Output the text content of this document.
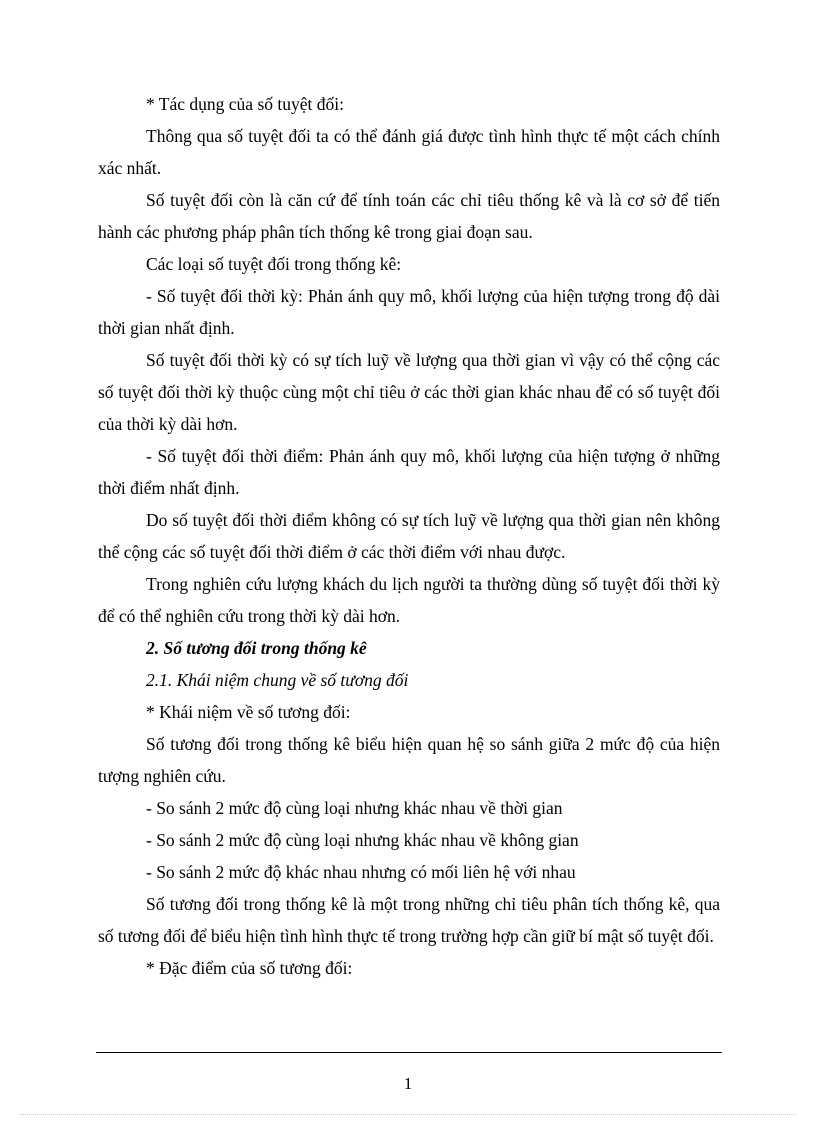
* Tác dụng của số tuyệt đối:

Thông qua số tuyệt đối ta có thể đánh giá được tình hình thực tế một cách chính xác nhất.

Số tuyệt đối còn là căn cứ để tính toán các chỉ tiêu thống kê và là cơ sở để tiến hành các phương pháp phân tích thống kê trong giai đoạn sau.

Các loại số tuyệt đối trong thống kê:

- Số tuyệt đối thời kỳ: Phản ánh quy mô, khối lượng của hiện tượng trong độ dài thời gian nhất định.

Số tuyệt đối thời kỳ có sự tích luỹ về lượng qua thời gian vì vậy có thể cộng các số tuyệt đối thời kỳ thuộc cùng một chỉ tiêu ở các thời gian khác nhau để có số tuyệt đối của thời kỳ dài hơn.

- Số tuyệt đối thời điểm: Phản ánh quy mô, khối lượng của hiện tượng ở những thời điểm nhất định.

Do số tuyệt đối thời điểm không có sự tích luỹ về lượng qua thời gian nên không thể cộng các số tuyệt đối thời điểm ở các thời điểm với nhau được.

Trong nghiên cứu lượng khách du lịch người ta thường dùng số tuyệt đối thời kỳ để có thể nghiên cứu trong thời kỳ dài hơn.

2. Số tương đối trong thống kê

2.1. Khái niệm chung về số tương đối

* Khái niệm về số tương đối:

Số tương đối trong thống kê biểu hiện quan hệ so sánh giữa 2 mức độ của hiện tượng nghiên cứu.

- So sánh 2 mức độ cùng loại nhưng khác nhau về thời gian

- So sánh 2 mức độ cùng loại nhưng khác nhau về không gian

- So sánh 2 mức độ khác nhau nhưng có mối liên hệ với nhau

Số tương đối trong thống kê là một trong những chỉ tiêu phân tích thống kê, qua số tương đối để biểu hiện tình hình thực tế trong trường hợp cần giữ bí mật số tuyệt đối.

* Đặc điểm của số tương đối:

1
